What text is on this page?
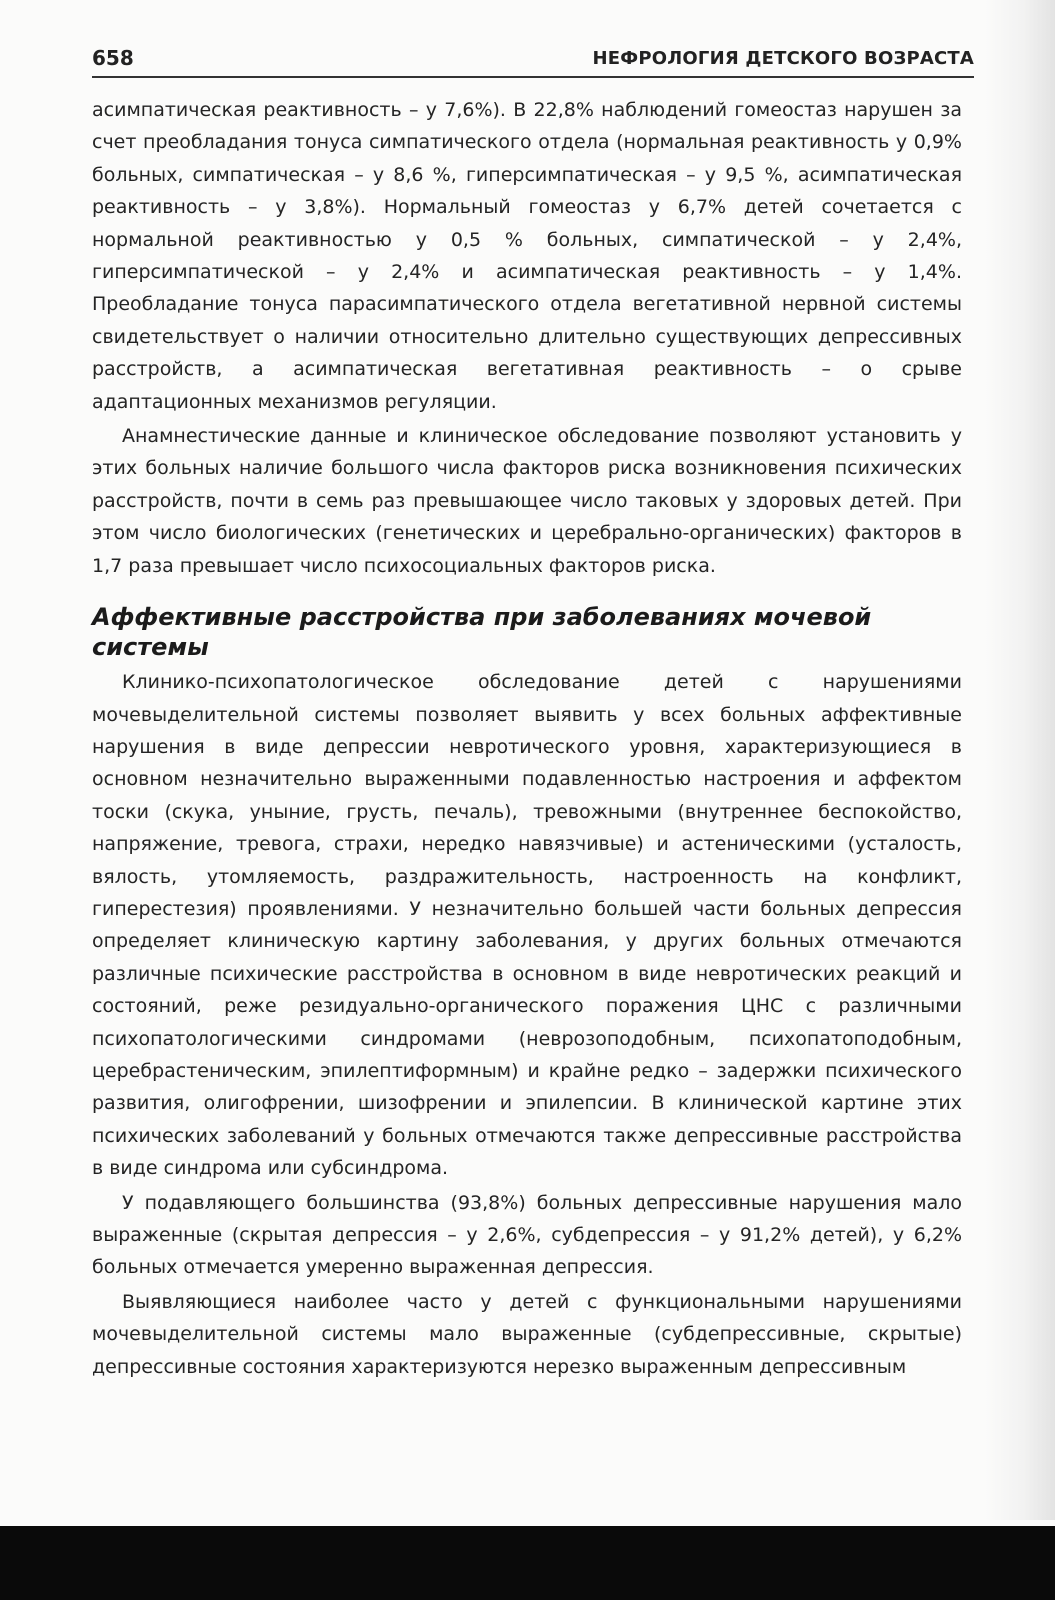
658	НЕФРОЛОГИЯ ДЕТСКОГО ВОЗРАСТА

асимпатическая реактивность – у 7,6%). В 22,8% наблюдений гомеостаз нарушен за счет преобладания тонуса симпатического отдела (нормальная реактивность у 0,9% больных, симпатическая – у 8,6 %, гиперсимпатическая – у 9,5 %, асимпатическая реактивность – у 3,8%). Нормальный гомеостаз у 6,7% детей сочетается с нормальной реактивностью у 0,5 % больных, симпатической – у 2,4%, гиперсимпатической – у 2,4% и асимпатическая реактивность – у 1,4%. Преобладание тонуса парасимпатического отдела вегетативной нервной системы свидетельствует о наличии относительно длительно существующих депрессивных расстройств, а асимпатическая вегетативная реактивность – о срыве адаптационных механизмов регуляции.

Анамнестические данные и клиническое обследование позволяют установить у этих больных наличие большого числа факторов риска возникновения психических расстройств, почти в семь раз превышающее число таковых у здоровых детей. При этом число биологических (генетических и церебрально-органических) факторов в 1,7 раза превышает число психосоциальных факторов риска.

Аффективные расстройства при заболеваниях мочевой системы

Клинико-психопатологическое обследование детей с нарушениями мочевыделительной системы позволяет выявить у всех больных аффективные нарушения в виде депрессии невротического уровня, характеризующиеся в основном незначительно выраженными подавленностью настроения и аффектом тоски (скука, уныние, грусть, печаль), тревожными (внутреннее беспокойство, напряжение, тревога, страхи, нередко навязчивые) и астеническими (усталость, вялость, утомляемость, раздражительность, настроенность на конфликт, гиперестезия) проявлениями. У незначительно большей части больных депрессия определяет клиническую картину заболевания, у других больных отмечаются различные психические расстройства в основном в виде невротических реакций и состояний, реже резидуально-органического поражения ЦНС с различными психопатологическими синдромами (неврозоподобным, психопатоподобным, церебрастеническим, эпилептиформным) и крайне редко – задержки психического развития, олигофрении, шизофрении и эпилепсии. В клинической картине этих психических заболеваний у больных отмечаются также депрессивные расстройства в виде синдрома или субсиндрома.

У подавляющего большинства (93,8%) больных депрессивные нарушения мало выраженные (скрытая депрессия – у 2,6%, субдепрессия – у 91,2% детей), у 6,2% больных отмечается умеренно выраженная депрессия.

Выявляющиеся наиболее часто у детей с функциональными нарушениями мочевыделительной системы мало выраженные (субдепрессивные, скрытые) депрессивные состояния характеризуются нерезко выраженным депрессивным
